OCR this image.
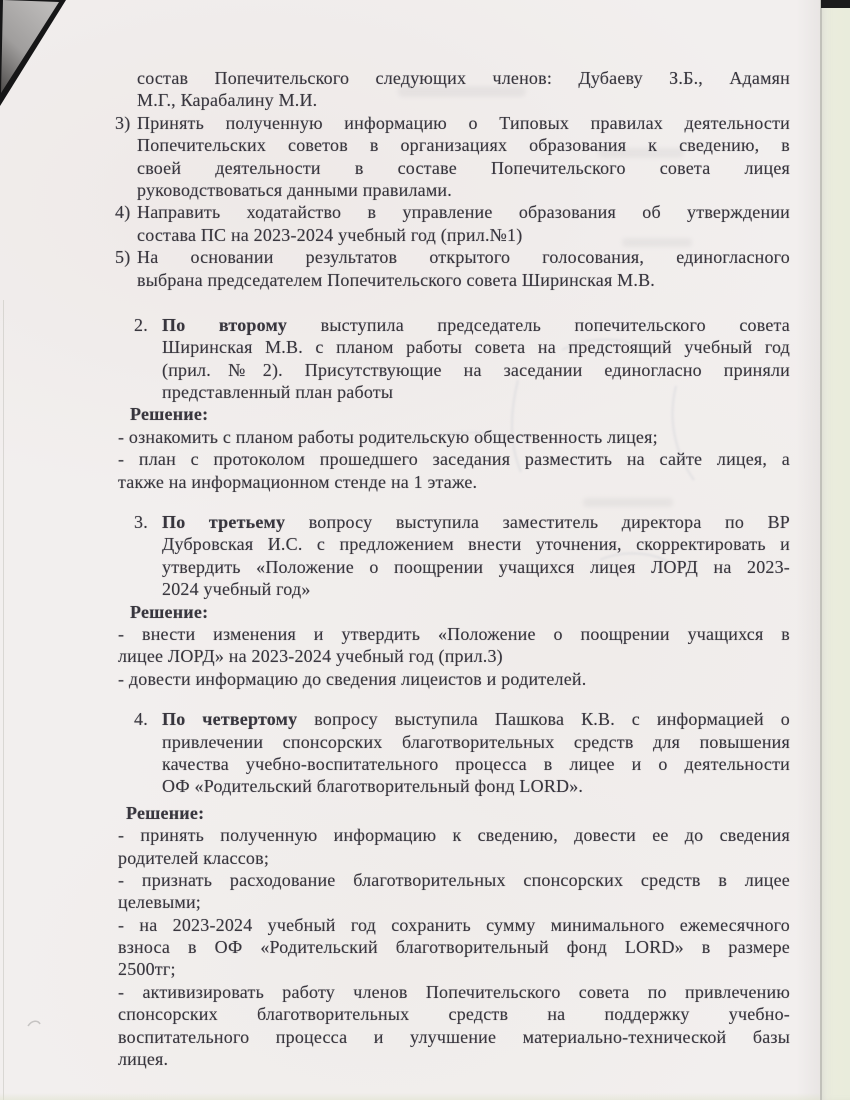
состав Попечительского следующих членов: Дубаеву З.Б., Адамян
М.Г., Карабалину М.И.
3) Принять полученную информацию о Типовых правилах деятельности
Попечительских советов в организациях образования к сведению, в
своей деятельности в составе Попечительского совета лицея
руководствоваться данными правилами.
4) Направить ходатайство в управление образования об утверждении
состава ПС на 2023-2024 учебный год (прил.№1)
5) На основании результатов открытого голосования, единогласного
выбрана председателем Попечительского совета Ширинская М.В.
2. По второму выступила председатель попечительского совета
Ширинская М.В. с планом работы совета на предстоящий учебный год
(прил.№2). Присутствующие на заседании единогласно приняли
представленный план работы
Решение:
- ознакомить с планом работы родительскую общественность лицея;
- план с протоколом прошедшего заседания разместить на сайте лицея, а
также на информационном стенде на 1 этаже.
3. По третьему вопросу выступила заместитель директора по ВР
Дубровская И.С. с предложением внести уточнения, скорректировать и
утвердить «Положение о поощрении учащихся лицея ЛОРД на 2023-
2024 учебный год»
Решение:
- внести изменения и утвердить «Положение о поощрении учащихся в
лицее ЛОРД» на 2023-2024 учебный год (прил.3)
- довести информацию до сведения лицеистов и родителей.
4. По четвертому вопросу выступила Пашкова К.В. с информацией о
привлечении спонсорских благотворительных средств для повышения
качества учебно-воспитательного процесса в лицее и о деятельности
ОФ «Родительский благотворительный фонд LORD».
Решение:
- принять полученную информацию к сведению, довести ее до сведения
родителей классов;
- признать расходование благотворительных спонсорских средств в лицее
целевыми;
- на 2023-2024 учебный год сохранить сумму минимального ежемесячного
взноса в ОФ «Родительский благотворительный фонд LORD» в размере
2500тг;
- активизировать работу членов Попечительского совета по привлечению
спонсорских благотворительных средств на поддержку учебно-
воспитательного процесса и улучшение материально-технической базы
лицея.
